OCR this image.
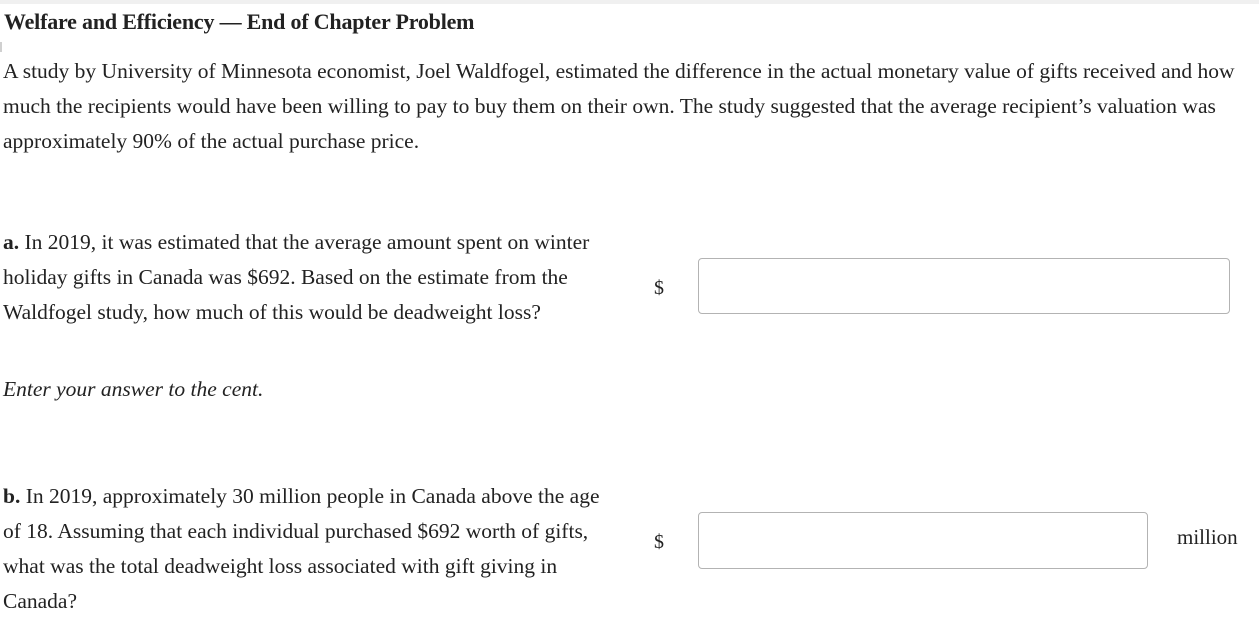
Welfare and Efficiency — End of Chapter Problem
A study by University of Minnesota economist, Joel Waldfogel, estimated the difference in the actual monetary value of gifts received and how much the recipients would have been willing to pay to buy them on their own. The study suggested that the average recipient’s valuation was approximately 90% of the actual purchase price.
a. In 2019, it was estimated that the average amount spent on winter holiday gifts in Canada was $692. Based on the estimate from the Waldfogel study, how much of this would be deadweight loss?
Enter your answer to the cent.
$
b. In 2019, approximately 30 million people in Canada above the age of 18. Assuming that each individual purchased $692 worth of gifts, what was the total deadweight loss associated with gift giving in Canada?
$	million
